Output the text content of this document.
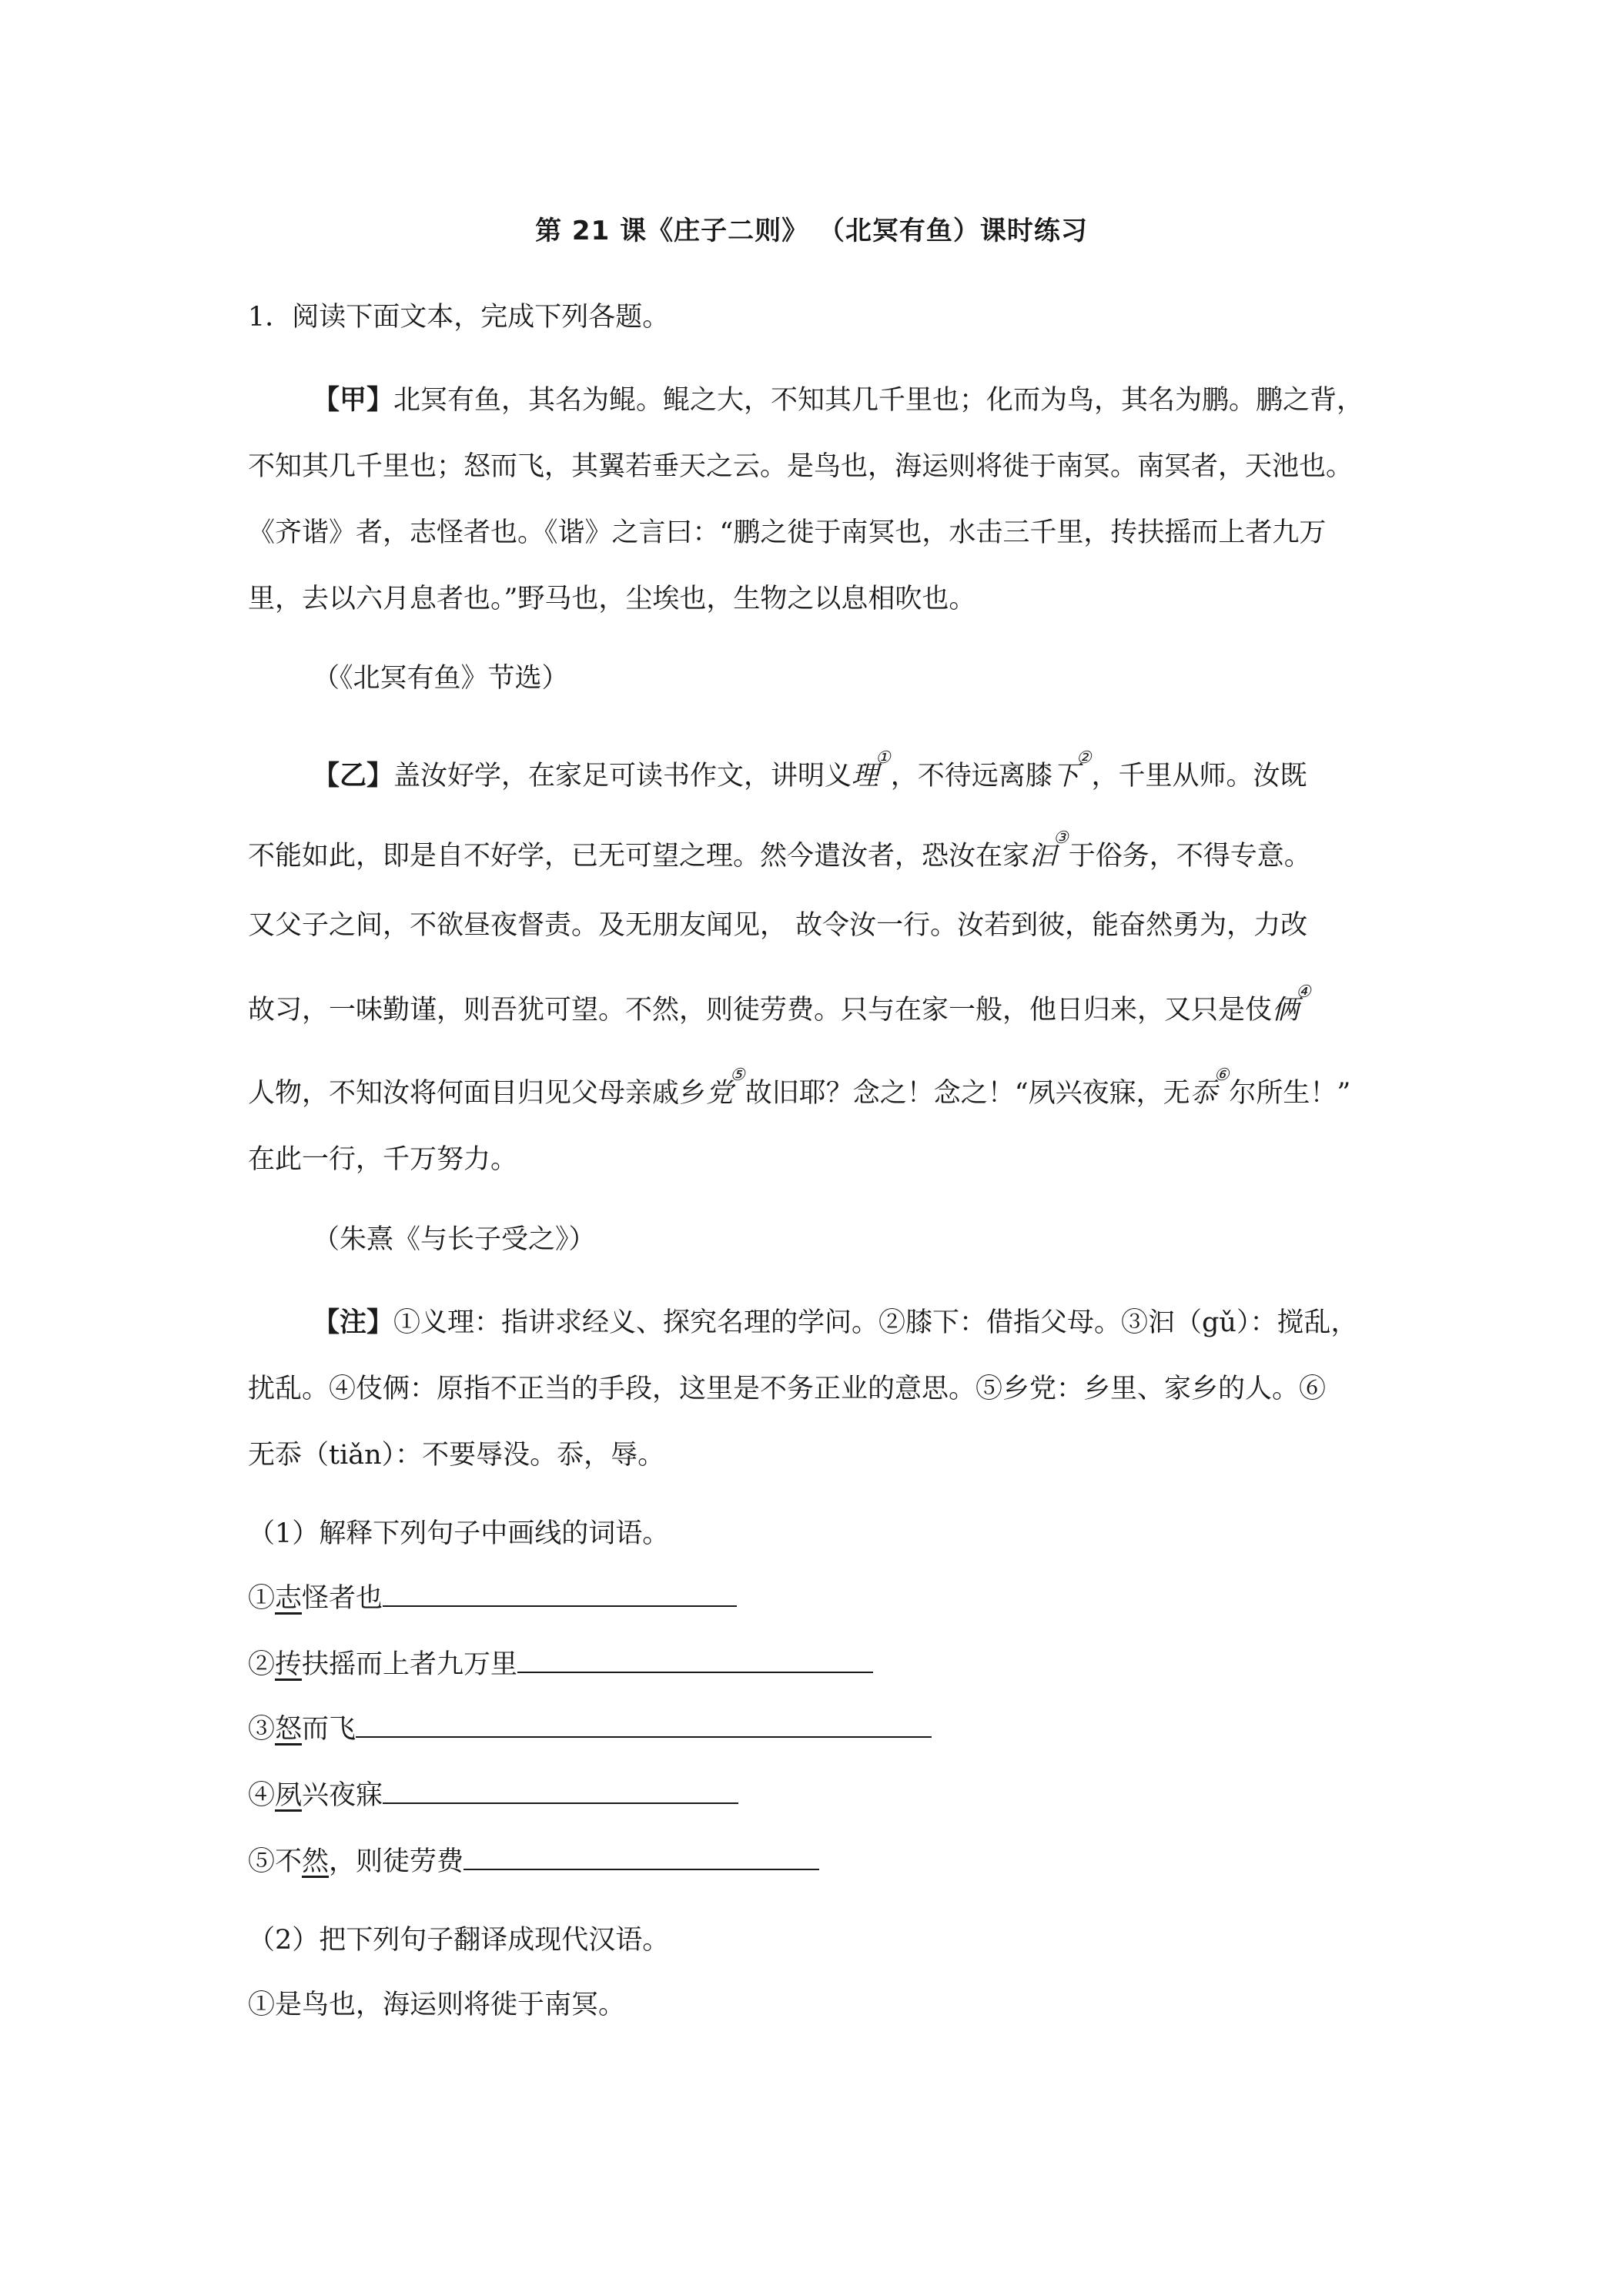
第 21 课《庄子二则》 （北冥有鱼）课时练习
1．阅读下面文本，完成下列各题。
【甲】北冥有鱼，其名为鲲。鲲之大，不知其几千里也；化而为鸟，其名为鹏。鹏之背，
不知其几千里也；怒而飞，其翼若垂天之云。是鸟也，海运则将徙于南冥。南冥者，天池也。
《齐谐》者，志怪者也。《谐》之言曰：“鹏之徙于南冥也，水击三千里，抟扶摇而上者九万
里，去以六月息者也。”野马也，尘埃也，生物之以息相吹也。
（《北冥有鱼》节选）
【乙】盖汝好学，在家足可读书作文，讲明义理①，不待远离膝下②，千里从师。汝既
不能如此，即是自不好学，已无可望之理。然今遣汝者，恐汝在家汩③于俗务，不得专意。
又父子之间，不欲昼夜督责。及无朋友闻见， 故令汝一行。汝若到彼，能奋然勇为，力改
故习，一味勤谨，则吾犹可望。不然，则徒劳费。只与在家一般，他日归来，又只是伎俩④
人物，不知汝将何面目归见父母亲戚乡党⑤故旧耶？念之！念之！“夙兴夜寐，无忝⑥尔所生！”
在此一行，千万努力。
（朱熹《与长子受之》）
【注】①义理：指讲求经义、探究名理的学问。②膝下：借指父母。③汩（gǔ）：搅乱，
扰乱。④伎俩：原指不正当的手段，这里是不务正业的意思。⑤乡党：乡里、家乡的人。⑥
无忝（tiǎn）：不要辱没。忝，辱。
（1）解释下列句子中画线的词语。
①志怪者也
②抟扶摇而上者九万里
③怒而飞
④夙兴夜寐
⑤不然，则徒劳费
（2）把下列句子翻译成现代汉语。
①是鸟也，海运则将徙于南冥。
